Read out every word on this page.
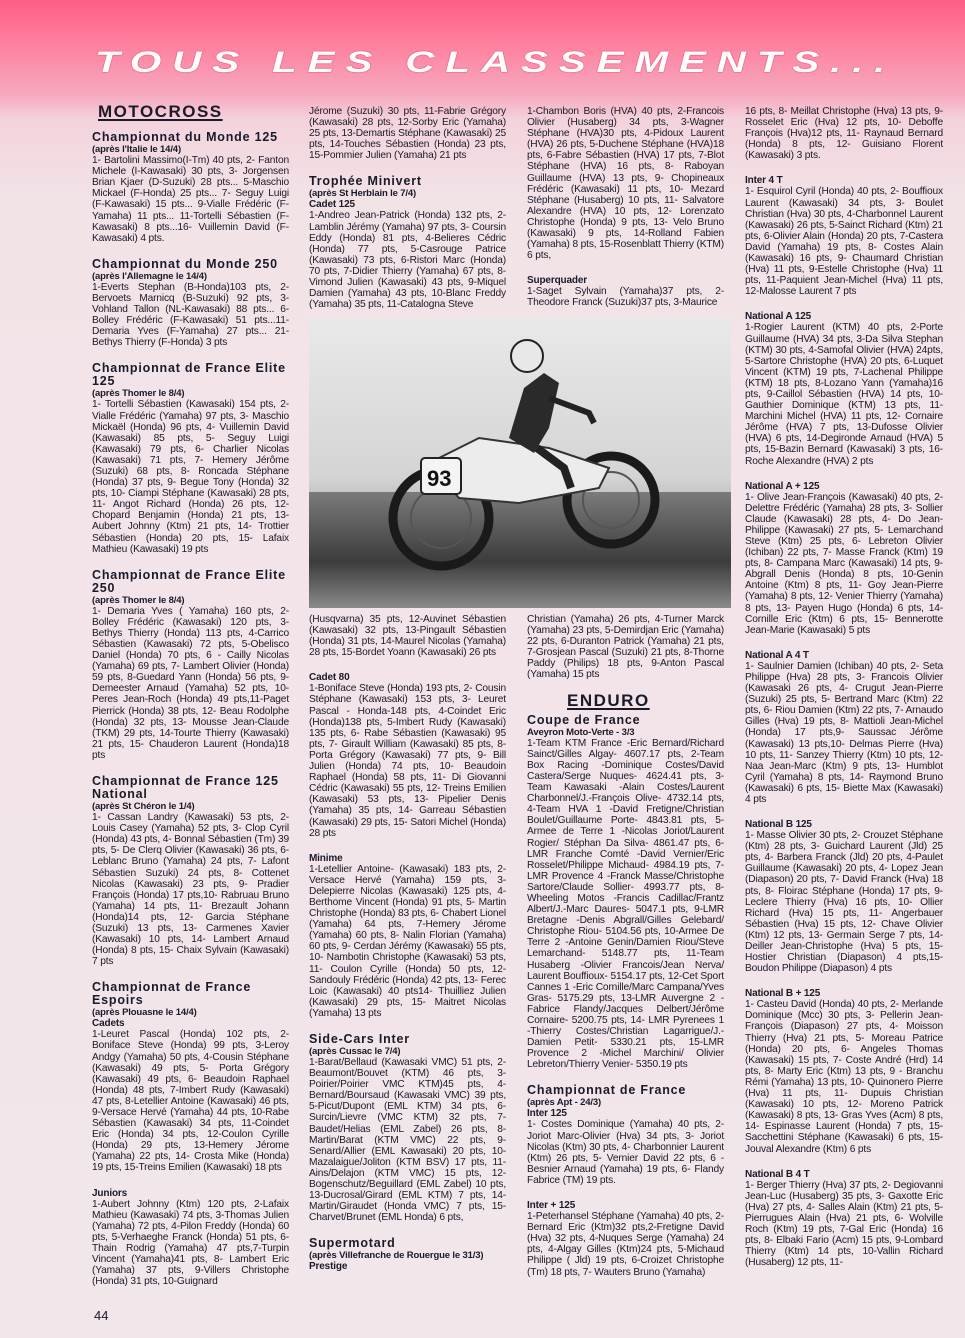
TOUS LES CLASSEMENTS...
MOTOCROSS
Championnat du Monde 125
(après l'Italie le 14/4)

1- Bartolini Massimo(I-Tm) 40 pts, 2- Fanton Michele (I-Kawasaki) 30 pts, 3- Jorgensen Brian Kjaer (D-Suzuki) 28 pts... 5-Maschio Mickael (F-Honda) 25 pts... 7- Seguy Luigi (F-Kawasaki) 15 pts... 9-Vialle Frédéric (F-Yamaha) 11 pts... 11-Tortelli Sébastien (F-Kawasaki) 8 pts...16- Vuillemin David (F-Kawasaki) 4 pts.

Championnat du Monde 250
(après l'Allemagne le 14/4)

1-Everts Stephan (B-Honda)103 pts, 2- Bervoets Marnicq (B-Suzuki) 92 pts, 3- Vohland Tallon (NL-Kawasaki) 88 pts... 6- Bolley Frédéric (F-Kawasaki) 51 pts...11- Demaria Yves (F-Yamaha) 27 pts... 21- Bethys Thierry (F-Honda) 3 pts

Championnat de France Elite 125
(après Thomer le 8/4)

1- Tortelli Sébastien (Kawasaki) 154 pts, 2- Vialle Frédéric (Yamaha) 97 pts, 3- Maschio Mickaël (Honda) 96 pts, 4- Vuillemin David (Kawasaki) 85 pts, 5- Seguy Luigi (Kawasaki) 79 pts, 6- Charlier Nicolas (Kawasaki) 71 pts, 7- Hemery Jérôme (Suzuki) 68 pts, 8- Roncada Stéphane (Honda) 37 pts, 9- Begue Tony (Honda) 32 pts, 10- Ciampi Stéphane (Kawasaki) 28 pts, 11- Angot Richard (Honda) 26 pts, 12- Chopard Benjamin (Honda) 21 pts, 13- Aubert Johnny (Ktm) 21 pts, 14- Trottier Sébastien (Honda) 20 pts, 15- Lafaix Mathieu (Kawasaki) 19 pts

Championnat de France Elite 250
(après Thomer le 8/4)

1- Demaria Yves ( Yamaha) 160 pts, 2- Bolley Frédéric (Kawasaki) 120 pts, 3- Bethys Thierry (Honda) 113 pts, 4-Carrico Sébastien (Kawasaki) 72 pts, 5-Obelisco Daniel (Honda) 70 pts, 6 - Cailly Nicolas (Yamaha) 69 pts, 7- Lambert Olivier (Honda) 59 pts, 8-Guedard Yann (Honda) 56 pts, 9-Demeester Arnaud (Yamaha) 52 pts, 10-Peres Jean-Roch (Honda) 49 pts,11-Paget Pierrick (Honda) 38 pts, 12- Beau Rodolphe (Honda) 32 pts, 13- Mousse Jean-Claude (TKM) 29 pts, 14-Tourte Thierry (Kawasaki) 21 pts, 15- Chauderon Laurent (Honda)18 pts

Championnat de France 125 National
(après St Chéron le 1/4)

1- Cassan Landry (Kawasaki) 53 pts, 2- Louis Casey (Yamaha) 52 pts, 3- Clop Cyril (Honda) 43 pts, 4- Bonnal Sébastien (Tm) 39 pts, 5- De Clerq Olivier (Kawasaki) 36 pts, 6- Leblanc Bruno (Yamaha) 24 pts, 7- Lafont Sébastien Suzuki) 24 pts, 8- Cottenet Nicolas (Kawasaki) 23 pts, 9- Pradier François (Honda) 17 pts,10- Rabruau Bruno (Yamaha) 14 pts, 11- Brezault Johann (Honda)14 pts, 12- Garcia Stéphane (Suzuki) 13 pts, 13- Carmenes Xavier (Kawasaki) 10 pts, 14- Lambert Arnaud (Honda) 8 pts, 15- Chaix Sylvain (Kawasaki) 7 pts

Championnat de France Espoirs
(après Plouasne le 14/4)
Cadets

1-Leuret Pascal (Honda) 102 pts, 2- Boniface Steve (Honda) 99 pts, 3-Leroy Andgy (Yamaha) 50 pts, 4-Cousin Stéphane (Kawasaki) 49 pts, 5- Porta Grégory (Kawasaki) 49 pts, 6- Beaudoin Raphael (Honda) 48 pts, 7-Imbert Rudy (Kawasaki) 47 pts, 8-Letellier Antoine (Kawasaki) 46 pts, 9-Versace Hervé (Yamaha) 44 pts, 10-Rabe Sébastien (Kawasaki) 34 pts, 11-Coindet Eric (Honda) 34 pts, 12-Coulon Cyrille (Honda) 29 pts, 13-Hemery Jérome (Yamaha) 22 pts, 14- Crosta Mike (Honda) 19 pts, 15-Treins Emilien (Kawasaki) 18 pts

Juniors

1-Aubert Johnny (Ktm) 120 pts, 2-Lafaix Mathieu (Kawasaki) 74 pts, 3-Thomas Julien (Yamaha) 72 pts, 4-Pilon Freddy (Honda) 60 pts, 5-Verhaeghe Franck (Honda) 51 pts, 6-Thain Rodrig (Yamaha) 47 pts,7-Turpin Vincent (Yamaha)41 pts, 8- Lambert Eric (Yamaha) 37 pts, 9-Villers Christophe (Honda) 31 pts, 10-Guignard

Jérome (Suzuki) 30 pts, 11-Fabrie Grégory (Kawasaki) 28 pts, 12-Sorby Eric (Yamaha) 25 pts, 13-Demartis Stéphane (Kawasaki) 25 pts, 14-Touches Sébastien (Honda) 23 pts, 15-Pommier Julien (Yamaha) 21 pts

Trophée Minivert
(après St Herblain le 7/4)
Cadet 125

1-Andreo Jean-Patrick (Honda) 132 pts, 2- Lamblin Jérémy (Yamaha) 97 pts, 3- Coursin Eddy (Honda) 81 pts, 4-Belieres Cédric (Honda) 77 pts, 5-Casrouge Patrice (Kawasaki) 73 pts, 6-Ristori Marc (Honda) 70 pts, 7-Didier Thierry (Yamaha) 67 pts, 8- Vimond Julien (Kawasaki) 43 pts, 9-Miquel Damien (Yamaha) 43 pts, 10-Blanc Freddy (Yamaha) 35 pts, 11-Catalogna Steve

1-Chambon Boris (HVA) 40 pts, 2-Francois Olivier (Husaberg) 34 pts, 3-Wagner Stéphane (HVA)30 pts, 4-Pidoux Laurent (HVA) 26 pts, 5-Duchene Stéphane (HVA)18 pts, 6-Fabre Sébastien (HVA) 17 pts, 7-Blot Stéphane (HVA) 16 pts, 8- Raboyan Guillaume (HVA) 13 pts, 9- Chopineaux Frédéric (Kawasaki) 11 pts, 10- Mezard Stéphane (Husaberg) 10 pts, 11- Salvatore Alexandre (HVA) 10 pts, 12- Lorenzato Christophe (Honda) 9 pts, 13- Velo Bruno (Kawasaki) 9 pts, 14-Rolland Fabien (Yamaha) 8 pts, 15-Rosenblatt Thierry (KTM) 6 pts,

Superquader

1-Saget Sylvain (Yamaha)37 pts, 2- Theodore Franck (Suzuki)37 pts, 3-Maurice

93

(Husqvarna) 35 pts, 12-Auvinet Sébastien (Kawasaki) 32 pts, 13-Pingault Sébastien (Honda) 31 pts, 14-Maurel Nicolas (Yamaha) 28 pts, 15-Bordet Yoann (Kawasaki) 26 pts

Cadet 80

1-Boniface Steve (Honda) 193 pts, 2- Cousin Stéphane (Kawasaki) 153 pts, 3- Leuret Pascal - Honda-148 pts, 4-Coindet Eric (Honda)138 pts, 5-Imbert Rudy (Kawasaki) 135 pts, 6- Rabe Sébastien (Kawasaki) 95 pts, 7- Girault William (Kawasaki) 85 pts, 8- Porta Grégory (Kawasaki) 77 pts, 9- Bill Julien (Honda) 74 pts, 10- Beaudoin Raphael (Honda) 58 pts, 11- Di Giovanni Cédric (Kawasaki) 55 pts, 12- Treins Emilien (Kawasaki) 53 pts, 13- Pipelier Denis (Yamaha) 35 pts, 14- Garreau Sébastien (Kawasaki) 29 pts, 15- Satori Michel (Honda) 28 pts

Minime

1-Letellier Antoine- (Kawasaki) 183 pts, 2- Versace Hervé (Yamaha) 159 pts, 3- Delepierre Nicolas (Kawasaki) 125 pts, 4- Berthome Vincent (Honda) 91 pts, 5- Martin Christophe (Honda) 83 pts, 6- Chabert Lionel (Yamaha) 64 pts, 7-Hemery Jérome (Yamaha) 60 pts, 8- Nalin Florian (Yamaha) 60 pts, 9- Cerdan Jérémy (Kawasaki) 55 pts, 10- Nambotin Christophe (Kawasaki) 53 pts, 11- Coulon Cyrille (Honda) 50 pts, 12- Sandouly Frédéric (Honda) 42 pts, 13- Ferec Loic (Kawasaki) 40 pts14- Thuilliez Julien (Kawasaki) 29 pts, 15- Maitret Nicolas (Yamaha) 13 pts

Side-Cars Inter
(après Cussac le 7/4)

1-Barat/Bellaud (Kawasaki VMC) 51 pts, 2- Beaumont/Bouvet (KTM) 46 pts, 3- Poirier/Poirier VMC KTM)45 pts, 4- Bernard/Boursaud (Kawasaki VMC) 39 pts, 5-Picut/Dupont (EML KTM) 34 pts, 6- Surcin/Lievre (VMC KTM) 32 pts, 7- Baudet/Helias (EML Zabel) 26 pts, 8- Martin/Barat (KTM VMC) 22 pts, 9- Senard/Allier (EML Kawasaki) 20 pts, 10- Mazalaigue/Joliton (KTM BSV) 17 pts, 11- Ains/Delajon (KTM VMC) 15 pts, 12- Bogenschutz/Beguillard (EML Zabel) 10 pts, 13-Ducrosal/Girard (EML KTM) 7 pts, 14- Martin/Giraudet (Honda VMC) 7 pts, 15- Charvet/Brunet (EML Honda) 6 pts,

Supermotard
(après Villefranche de Rouergue le 31/3)
Prestige

Christian (Yamaha) 26 pts, 4-Turner Marck (Yamaha) 23 pts, 5-Demirdjan Eric (Yamaha) 22 pts, 6-Duranton Patrick (Yamaha) 21 pts, 7-Grosjean Pascal (Suzuki) 21 pts, 8-Thorne Paddy (Philips) 18 pts, 9-Anton Pascal (Yamaha) 15 pts

ENDURO
Coupe de France
Aveyron Moto-Verte - 3/3

1-Team KTM France -Eric Bernard/Richard Sainct/Gilles Algay- 4607.17 pts, 2-Team Box Racing -Dominique Costes/David Castera/Serge Nuques- 4624.41 pts, 3- Team Kawasaki -Alain Costes/Laurent Charbonnel/J.-François Olive- 4732.14 pts, 4-Team HVA 1 -David Fretigne/Christian Boulet/Guillaume Porte- 4843.81 pts, 5- Armee de Terre 1 -Nicolas Joriot/Laurent Rogier/ Stéphan Da Silva- 4861.47 pts, 6- LMR Franche Comté -David Vernier/Eric Rosselet/Philippe Michaud- 4984.19 pts, 7- LMR Provence 4 -Franck Masse/Christophe Sartore/Claude Sollier- 4993.77 pts, 8- Wheeling Motos -Francis Cadillac/Frantz Albert/J.-Marc Daures- 5047.1 pts, 9-LMR Bretagne -Denis Abgrall/Gilles Gelebard/ Christophe Riou- 5104.56 pts, 10-Armee De Terre 2 -Antoine Genin/Damien Riou/Steve Lemarchand- 5148.77 pts, 11-Team Husaberg -Olivier Francois/Jean Nerva/ Laurent Bouffioux- 5154.17 pts, 12-Cet Sport Cannes 1 -Eric Cornille/Marc Campana/Yves Gras- 5175.29 pts, 13-LMR Auvergne 2 -Fabrice Flandy/Jacques Delbert/Jérôme Cornaire- 5200.75 pts, 14- LMR Pyrenees 1 -Thierry Costes/Christian Lagarrigue/J.-Damien Petit- 5330.21 pts, 15-LMR Provence 2 -Michel Marchini/ Olivier Lebreton/Thierry Venier- 5350.19 pts

Championnat de France
(après Apt - 24/3)
Inter 125

1- Costes Dominique (Yamaha) 40 pts, 2- Joriot Marc-Olivier (Hva) 34 pts, 3- Joriot Nicolas (Ktm) 30 pts, 4- Charbonnier Laurent (Ktm) 26 pts, 5- Vernier David 22 pts, 6 - Besnier Arnaud (Yamaha) 19 pts, 6- Flandy Fabrice (TM) 19 pts.

Inter + 125

1-Peterhansel Stéphane (Yamaha) 40 pts, 2-Bernard Eric (Ktm)32 pts,2-Fretigne David (Hva) 32 pts, 4-Nuques Serge (Yamaha) 24 pts, 4-Algay Gilles (Ktm)24 pts, 5-Michaud Philippe ( Jld) 19 pts, 6-Croizet Christophe (Tm) 18 pts, 7- Wauters Bruno (Yamaha)

16 pts, 8- Meillat Christophe (Hva) 13 pts, 9-Rosselet Eric (Hva) 12 pts, 10- Deboffe François (Hva)12 pts, 11- Raynaud Bernard (Honda) 8 pts, 12- Guisiano Florent (Kawasaki) 3 pts.

Inter 4 T

1- Esquirol Cyril (Honda) 40 pts, 2- Bouffioux Laurent (Kawasaki) 34 pts, 3- Boulet Christian (Hva) 30 pts, 4-Charbonnel Laurent (Kawasaki) 26 pts, 5-Sainct Richard (Ktm) 21 pts, 6-Olivier Alain (Honda) 20 pts, 7-Castera David (Yamaha) 19 pts, 8- Costes Alain (Kawasaki) 16 pts, 9- Chaumard Christian (Hva) 11 pts, 9-Estelle Christophe (Hva) 11 pts, 11-Paquient Jean-Michel (Hva) 11 pts, 12-Malosse Laurent 7 pts

National A 125

1-Rogier Laurent (KTM) 40 pts, 2-Porte Guillaume (HVA) 34 pts, 3-Da Silva Stephan (KTM) 30 pts, 4-Samofal Olivier (HVA) 24pts, 5-Sartore Christophe (HVA) 20 pts, 6-Luquet Vincent (KTM) 19 pts, 7-Lachenal Philippe (KTM) 18 pts, 8-Lozano Yann (Yamaha)16 pts, 9-Caillol Sébastien (HVA) 14 pts, 10-Gauthier Dominique (KTM) 13 pts, 11-Marchini Michel (HVA) 11 pts, 12- Cornaire Jérôme (HVA) 7 pts, 13-Dufosse Olivier (HVA) 6 pts, 14-Degironde Arnaud (HVA) 5 pts, 15-Bazin Bernard (Kawasaki) 3 pts, 16-Roche Alexandre (HVA) 2 pts

National A + 125

1- Olive Jean-François (Kawasaki) 40 pts, 2- Delettre Frédéric (Yamaha) 28 pts, 3- Sollier Claude (Kawasaki) 28 pts, 4- Do Jean-Philippe (Kawasaki) 27 pts, 5- Lemarchand Steve (Ktm) 25 pts, 6- Lebreton Olivier (Ichiban) 22 pts, 7- Masse Franck (Ktm) 19 pts, 8- Campana Marc (Kawasaki) 14 pts, 9- Abgrall Denis (Honda) 8 pts, 10-Genin Antoine (Ktm) 8 pts, 11- Goy Jean-Pierre (Yamaha) 8 pts, 12- Venier Thierry (Yamaha) 8 pts, 13- Payen Hugo (Honda) 6 pts, 14- Cornille Eric (Ktm) 6 pts, 15- Bennerotte Jean-Marie (Kawasaki) 5 pts

National A 4 T

1- Saulnier Damien (Ichiban) 40 pts, 2- Seta Philippe (Hva) 28 pts, 3- Francois Olivier (Kawasaki 26 pts, 4- Crugut Jean-Pierre (Suzuki) 25 pts, 5- Bertrand Marc (Ktm) 22 pts, 6- Riou Damien (Ktm) 22 pts, 7- Arnaudo Gilles (Hva) 19 pts, 8- Mattioli Jean-Michel (Honda) 17 pts,9- Saussac Jérôme (Kawasaki) 13 pts,10- Delmas Pierre (Hva) 10 pts, 11- Sanzey Thierry (Ktm) 10 pts, 12- Naa Jean-Marc (Ktm) 9 pts, 13- Humblot Cyril (Yamaha) 8 pts, 14- Raymond Bruno (Kawasaki) 6 pts, 15- Biette Max (Kawasaki) 4 pts

National B 125

1- Masse Olivier 30 pts, 2- Crouzet Stéphane (Ktm) 28 pts, 3- Guichard Laurent (Jld) 25 pts, 4- Barbera Franck (Jld) 20 pts, 4-Paulet Guillaume (Kawasaki) 20 pts, 4- Lopez Jean (Diapason) 20 pts, 7- David Franck (Hva) 18 pts, 8- Floirac Stéphane (Honda) 17 pts, 9- Leclere Thierry (Hva) 16 pts, 10- Ollier Richard (Hva) 15 pts, 11- Angerbauer Sébastien (Hva) 15 pts, 12- Chave Olivier (Ktm) 12 pts, 13- Germain Serge 7 pts, 14- Deiller Jean-Christophe (Hva) 5 pts, 15- Hostier Christian (Diapason) 4 pts,15-Boudon Philippe (Diapason) 4 pts

National B + 125

1- Casteu David (Honda) 40 pts, 2- Merlande Dominique (Mcc) 30 pts, 3- Pellerin Jean-François (Diapason) 27 pts, 4- Moisson Thierry (Hva) 21 pts, 5- Moreau Patrice (Honda) 20 pts, 6- Angeles Thomas (Kawasaki) 15 pts, 7- Coste André (Hrd) 14 pts, 8- Marty Eric (Ktm) 13 pts, 9 - Branchu Rémi (Yamaha) 13 pts, 10- Quinonero Pierre (Hva) 11 pts, 11- Dupuis Christian (Kawasaki) 10 pts, 12- Moreno Patrick (Kawasaki) 8 pts, 13- Gras Yves (Acm) 8 pts, 14- Espinasse Laurent (Honda) 7 pts, 15- Sacchettini Stéphane (Kawasaki) 6 pts, 15- Jouval Alexandre (Ktm) 6 pts

National B 4 T

1- Berger Thierry (Hva) 37 pts, 2- Degiovanni Jean-Luc (Husaberg) 35 pts, 3- Gaxotte Eric (Hva) 27 pts, 4- Salles Alain (Ktm) 21 pts, 5- Pierrugues Alain (Hva) 21 pts, 6- Wolville Roch (Ktm) 19 pts, 7-Gal Eric (Honda) 16 pts, 8- Elbaki Fario (Acm) 15 pts, 9-Lombard Thierry (Ktm) 14 pts, 10-Vallin Richard (Husaberg) 12 pts, 11-

44
